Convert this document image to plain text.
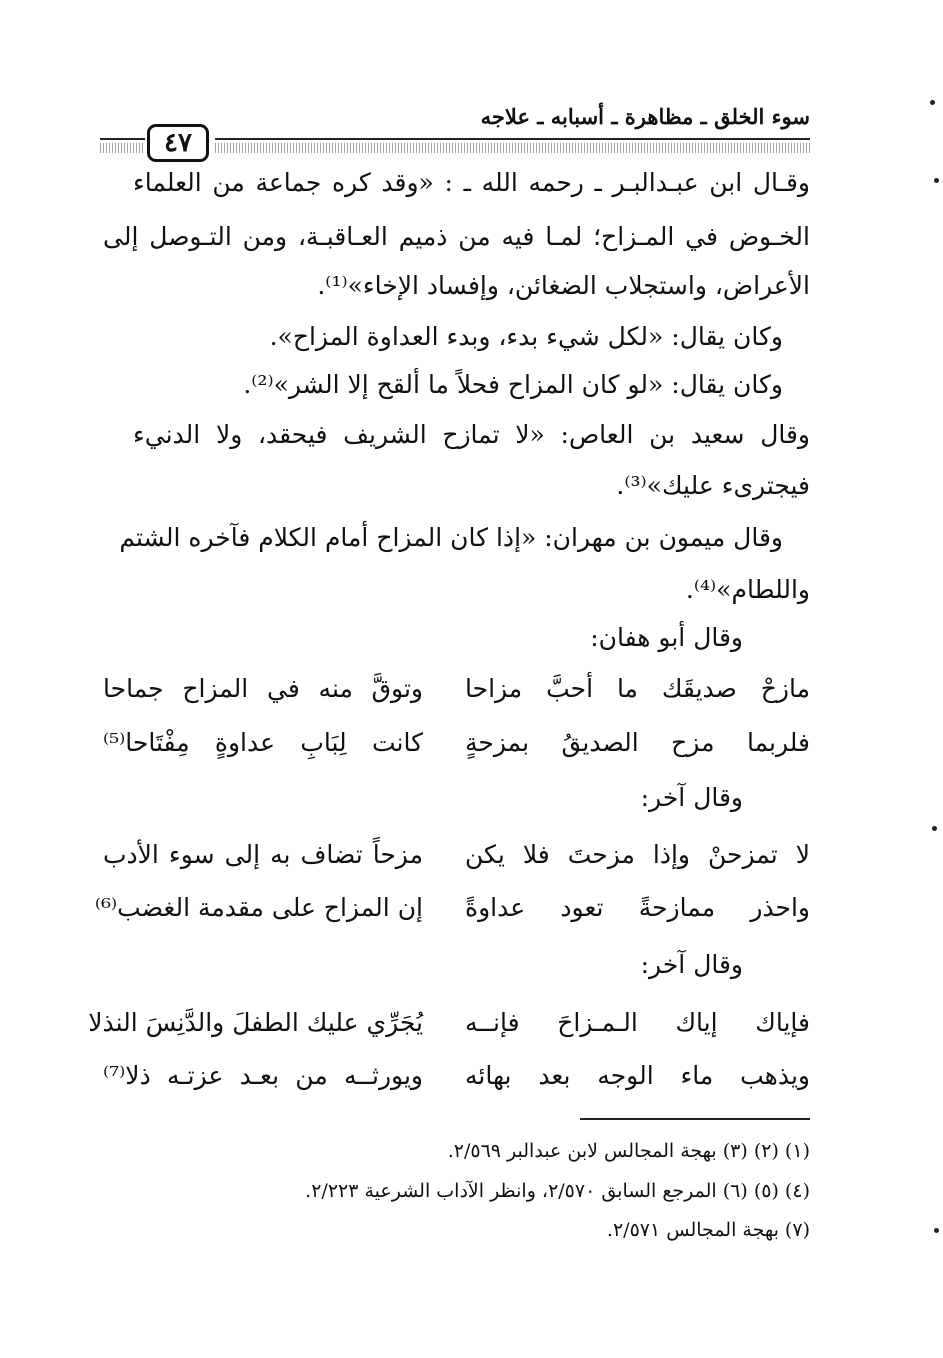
سوء الخلق ـ مظاهرة ـ أسبابه ـ علاجه
٤٧
وقـال ابن عبـدالبـر ـ رحمه الله ـ : «وقد كره جماعة من العلماء
الخـوض في المـزاح؛ لمـا فيه من ذميم العـاقبـة، ومن التـوصل إلى
الأعراض، واستجلاب الضغائن، وإفساد الإخاء»⁽¹⁾.
وكان يقال: «لكل شيء بدء، وبدء العداوة المزاح».
وكان يقال: «لو كان المزاح فحلاً ما ألقح إلا الشر»⁽²⁾.
وقال سعيد بن العاص: «لا تمازح الشريف فيحقد، ولا الدنيء
فيجترىء عليك»⁽³⁾.
وقال ميمون بن مهران: «إذا كان المزاح أمام الكلام فآخره الشتم
واللطام»⁽⁴⁾.
وقال أبو هفان:
مازحْ صديقَك ما أحبَّ مزاحا
وتوقَّ منه في المزاح جماحا
فلربما مزح الصديقُ بمزحةٍ
كانت لِبَابِ عداوةٍ مِفْتَاحا⁽⁵⁾
وقال آخر:
لا تمزحنْ وإذا مزحتَ فلا يكن
مزحاً تضاف به إلى سوء الأدب
واحذر ممازحةً تعود عداوةً
إن المزاح على مقدمة الغضب⁽⁶⁾
وقال آخر:
فإياك إياك الـمـزاحَ فإنــه
يُجَرِّي عليك الطفلَ والدَّنِسَ النذلا
ويذهب ماء الوجه بعد بهائه
ويورثــه من بعـد عزتـه ذلا⁽⁷⁾
(١) (٢) (٣) بهجة المجالس لابن عبدالبر ٢/٥٦٩.
(٤) (٥) (٦) المرجع السابق ٢/٥٧٠، وانظر الآداب الشرعية ٢/٢٢٣.
(٧) بهجة المجالس ٢/٥٧١.
